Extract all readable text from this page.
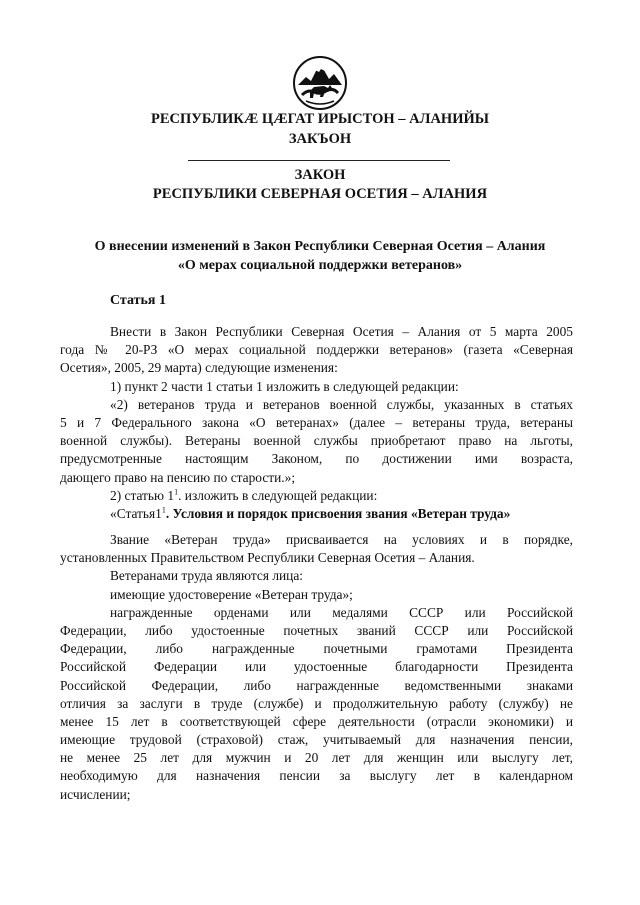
РЕСПУБЛИКӔ ЦӔГАТ ИРЫСТОН – АЛАНИЙЫ
ЗАКЪОН
ЗАКОН
РЕСПУБЛИКИ СЕВЕРНАЯ ОСЕТИЯ – АЛАНИЯ
О внесении изменений в Закон Республики Северная Осетия – Алания
«О мерах социальной поддержки ветеранов»
Статья 1
Внести в Закон Республики Северная Осетия – Алания от 5 марта 2005
года № 20-РЗ «О мерах социальной поддержки ветеранов» (газета «Северная
Осетия», 2005, 29 марта) следующие изменения:
1) пункт 2 части 1 статьи 1 изложить в следующей редакции:
«2) ветеранов труда и ветеранов военной службы, указанных в статьях
5 и 7 Федерального закона «О ветеранах» (далее – ветераны труда, ветераны
военной службы). Ветераны военной службы приобретают право на льготы,
предусмотренные настоящим Законом, по достижении ими возраста,
дающего право на пенсию по старости.»;
2) статью $1^1$. изложить в следующей редакции:
«$Статья1^1$. Условия и порядок присвоения звания «Ветеран труда»
Звание «Ветеран труда» присваивается на условиях и в порядке,
установленных Правительством Республики Северная Осетия – Алания.
Ветеранами труда являются лица:
имеющие удостоверение «Ветеран труда»;
награжденные орденами или медалями СССР или Российской
Федерации, либо удостоенные почетных званий СССР или Российской
Федерации, либо награжденные почетными грамотами Президента
Российской Федерации или удостоенные благодарности Президента
Российской Федерации, либо награжденные ведомственными знаками
отличия за заслуги в труде (службе) и продолжительную работу (службу) не
менее 15 лет в соответствующей сфере деятельности (отрасли экономики) и
имеющие трудовой (страховой) стаж, учитываемый для назначения пенсии,
не менее 25 лет для мужчин и 20 лет для женщин или выслугу лет,
необходимую для назначения пенсии за выслугу лет в календарном
исчислении;
